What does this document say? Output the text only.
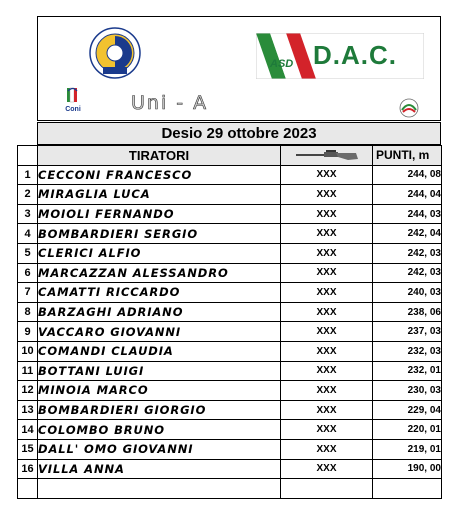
Coni	Uni - A
ASD D.A.C.
Desio 29 ottobre 2023
	TIRATORI		PUNTI, m
1	CECCONI FRANCESCO	XXX	244, 08
2	MIRAGLIA LUCA	XXX	244, 04
3	MOIOLI FERNANDO	XXX	244, 03
4	BOMBARDIERI SERGIO	XXX	242, 04
5	CLERICI ALFIO	XXX	242, 03
6	MARCAZZAN ALESSANDRO	XXX	242, 03
7	CAMATTI RICCARDO	XXX	240, 03
8	BARZAGHI ADRIANO	XXX	238, 06
9	VACCARO GIOVANNI	XXX	237, 03
10	COMANDI CLAUDIA	XXX	232, 03
11	BOTTANI LUIGI	XXX	232, 01
12	MINOIA MARCO	XXX	230, 03
13	BOMBARDIERI GIORGIO	XXX	229, 04
14	COLOMBO BRUNO	XXX	220, 01
15	DALL' OMO GIOVANNI	XXX	219, 01
16	VILLA ANNA	XXX	190, 00
